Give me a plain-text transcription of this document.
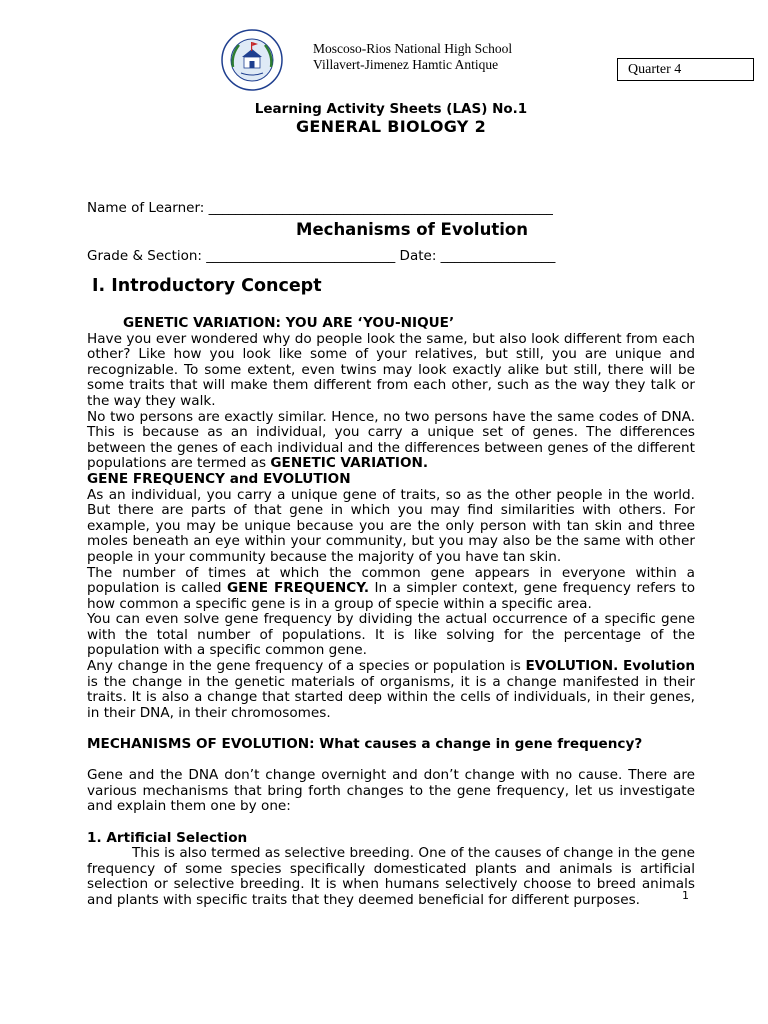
Moscoso-Rios National High School
Villavert-Jimenez Hamtic Antique	Quarter 4
Learning Activity Sheets (LAS) No.1
GENERAL BIOLOGY 2

Name of Learner: ___________________________________________________

Grade & Section: ____________________________ Date: _________________

Mechanisms of Evolution
I. Introductory Concept

GENETIC VARIATION: YOU ARE ‘YOU-NIQUE’

Have you ever wondered why do people look the same, but also look different from each other? Like how you look like some of your relatives, but still, you are unique and recognizable. To some extent, even twins may look exactly alike but still, there will be some traits that will make them different from each other, such as the way they talk or the way they walk.

No two persons are exactly similar. Hence, no two persons have the same codes of DNA. This is because as an individual, you carry a unique set of genes. The differences between the genes of each individual and the differences between genes of the different populations are termed as GENETIC VARIATION.

GENE FREQUENCY and EVOLUTION

As an individual, you carry a unique gene of traits, so as the other people in the world. But there are parts of that gene in which you may find similarities with others. For example, you may be unique because you are the only person with tan skin and three moles beneath an eye within your community, but you may also be the same with other people in your community because the majority of you have tan skin.

The number of times at which the common gene appears in everyone within a population is called GENE FREQUENCY. In a simpler context, gene frequency refers to how common a specific gene is in a group of specie within a specific area.

You can even solve gene frequency by dividing the actual occurrence of a specific gene with the total number of populations. It is like solving for the percentage of the population with a specific common gene.

Any change in the gene frequency of a species or population is EVOLUTION. Evolution is the change in the genetic materials of organisms, it is a change manifested in their traits. It is also a change that started deep within the cells of individuals, in their genes, in their DNA, in their chromosomes.

MECHANISMS OF EVOLUTION: What causes a change in gene frequency?

Gene and the DNA don’t change overnight and don’t change with no cause. There are various mechanisms that bring forth changes to the gene frequency, let us investigate and explain them one by one:

1. Artificial Selection

This is also termed as selective breeding. One of the causes of change in the gene frequency of some species specifically domesticated plants and animals is artificial selection or selective breeding. It is when humans selectively choose to breed animals and plants with specific traits that they deemed beneficial for different purposes.	1
